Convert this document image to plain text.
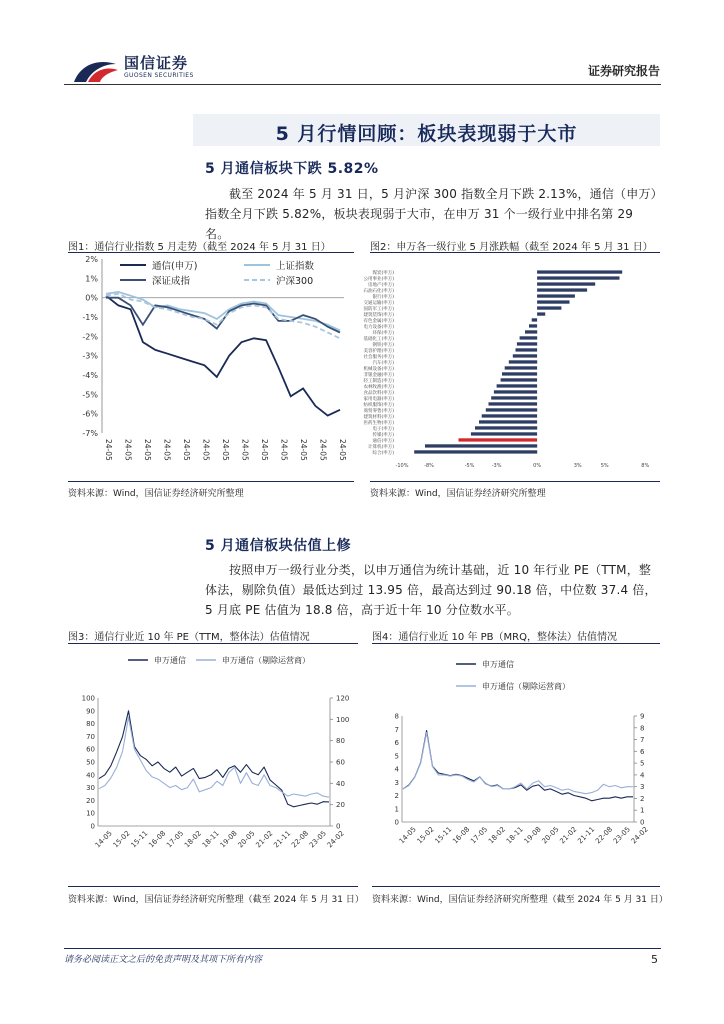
国信证券
GUOSEN SECURITIES	证券研究报告
5 月行情回顾：板块表现弱于大市
5 月通信板块下跌 5.82%
截至 2024 年 5 月 31 日，5 月沪深 300 指数全月下跌 2.13%，通信（申万）指数全月下跌 5.82%，板块表现弱于大市，在申万 31 个一级行业中排名第 29 名。
图1：通信行业指数 5 月走势（截至 2024 年 5 月 31 日）
2%
1%
0%
-1%
-2%
-3%
-4%
-5%
-6%
-7%
24-05 24-05 24-05 24-05 24-05 24-05 24-05 24-05 24-05 24-05 24-05 24-05 24-05
通信(申万)	上证指数
深证成指	沪深300
资料来源：Wind，国信证券经济研究所整理
图2：申万各一级行业 5 月涨跌幅（截至 2024 年 5 月 31 日）
煤炭(申万)
公用事业(申万)
房地产(申万)
石油石化(申万)
银行(申万)
交通运输(申万)
国防军工(申万)
建筑装饰(申万)
有色金属(申万)
电力设备(申万)
环保(申万)
基础化工(申万)
钢铁(申万)
美容护理(申万)
社会服务(申万)
汽车(申万)
机械设备(申万)
非银金融(申万)
轻工制造(申万)
农林牧渔(申万)
食品饮料(申万)
家用电器(申万)
纺织服饰(申万)
商贸零售(申万)
建筑材料(申万)
医药生物(申万)
电子(申万)
传媒(申万)
通信(申万)
计算机(申万)
综合(申万)
-10%	-8%	-5%	-3%	0%	3%	5%	8%
资料来源：Wind，国信证券经济研究所整理
5 月通信板块估值上修
按照申万一级行业分类，以申万通信为统计基础，近 10 年行业 PE（TTM，整体法，剔除负值）最低达到过 13.95 倍，最高达到过 90.18 倍，中位数 37.4 倍，5 月底 PE 估值为 18.8 倍，高于近十年 10 分位数水平。
图3：通信行业近 10 年 PE（TTM，整体法）估值情况
申万通信	申万通信（剔除运营商）
100
90
80
70
60
50
40
30
20
10
0
120
100
80
60
40
20
0
14-05
15-02
15-11
16-08
17-05
18-02
18-11
19-08
20-05
21-02
21-11
22-08
23-05
24-02
资料来源：Wind，国信证券经济研究所整理（截至 2024 年 5 月 31 日）
图4：通信行业近 10 年 PB（MRQ，整体法）估值情况
申万通信
申万通信（剔除运营商）
8
7
6
5
4
3
2
1
0
9
8
7
6
5
4
3
2
1
0
14-05
15-02
15-11
16-08
17-05
18-02
18-11
19-08
20-05
21-02
21-11
22-08
23-05
24-02
资料来源：Wind，国信证券经济研究所整理（截至 2024 年 5 月 31 日）
请务必阅读正文之后的免责声明及其项下所有内容	5
